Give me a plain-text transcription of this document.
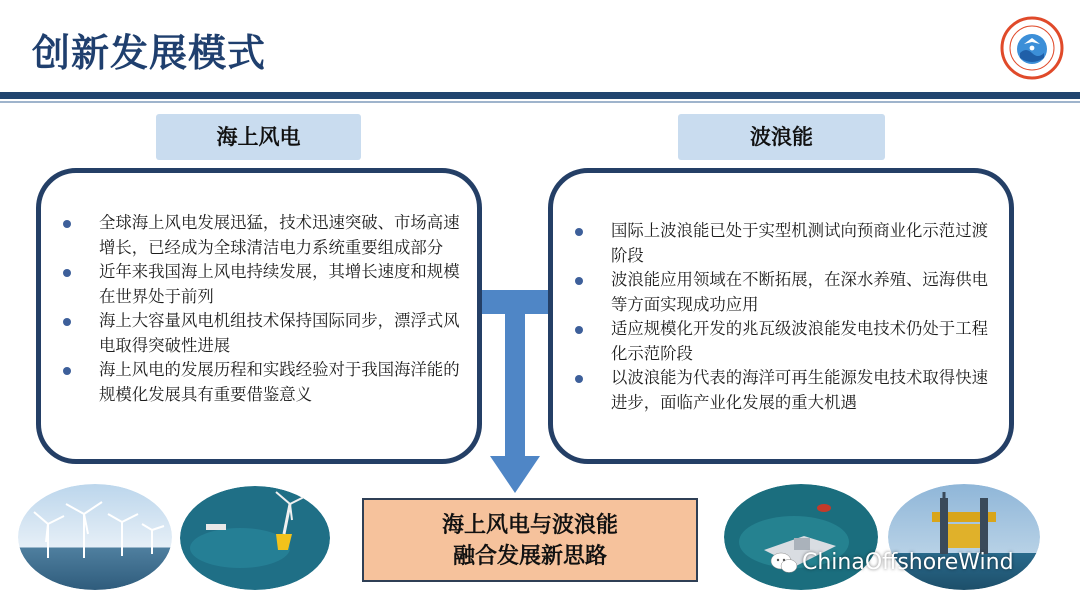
创新发展模式
海上风电	波浪能
全球海上风电发展迅猛，技术迅速突破、市场高速增长，已经成为全球清洁电力系统重要组成部分
近年来我国海上风电持续发展，其增长速度和规模在世界处于前列
海上大容量风电机组技术保持国际同步，漂浮式风电取得突破性进展
海上风电的发展历程和实践经验对于我国海洋能的规模化发展具有重要借鉴意义
国际上波浪能已处于实型机测试向预商业化示范过渡阶段
波浪能应用领域在不断拓展，在深水养殖、远海供电等方面实现成功应用
适应规模化开发的兆瓦级波浪能发电技术仍处于工程化示范阶段
以波浪能为代表的海洋可再生能源发电技术取得快速进步，面临产业化发展的重大机遇
海上风电与波浪能
融合发展新思路	ChinaOffshoreWind
